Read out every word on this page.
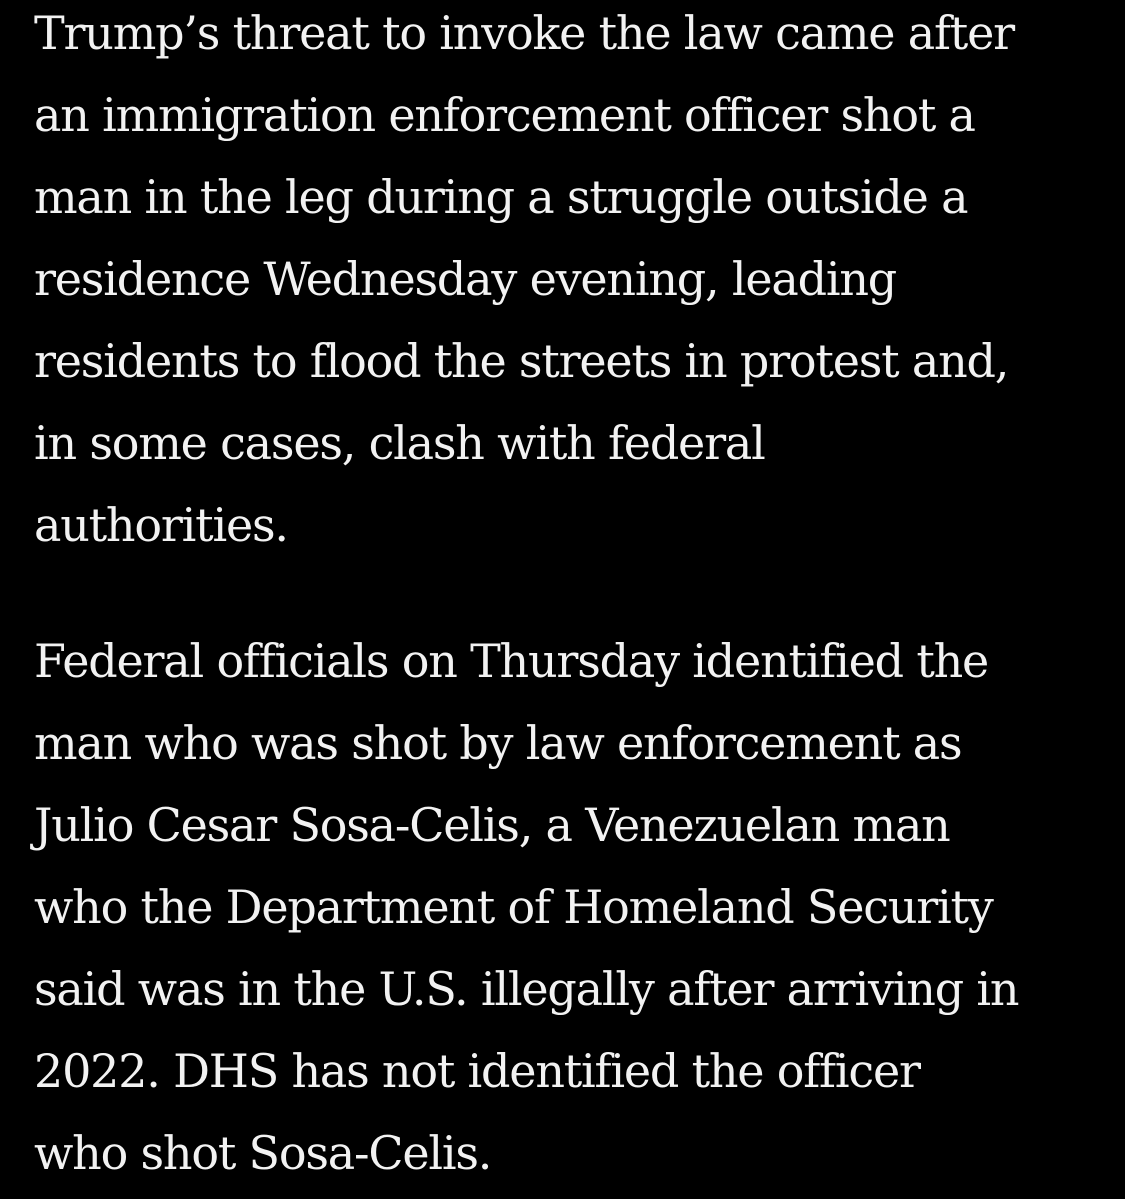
Trump’s threat to invoke the law came after
an immigration enforcement officer shot a
man in the leg during a struggle outside a
residence Wednesday evening, leading
residents to flood the streets in protest and,
in some cases, clash with federal
authorities.

Federal officials on Thursday identified the
man who was shot by law enforcement as
Julio Cesar Sosa-Celis, a Venezuelan man
who the Department of Homeland Security
said was in the U.S. illegally after arriving in
2022. DHS has not identified the officer
who shot Sosa-Celis.
